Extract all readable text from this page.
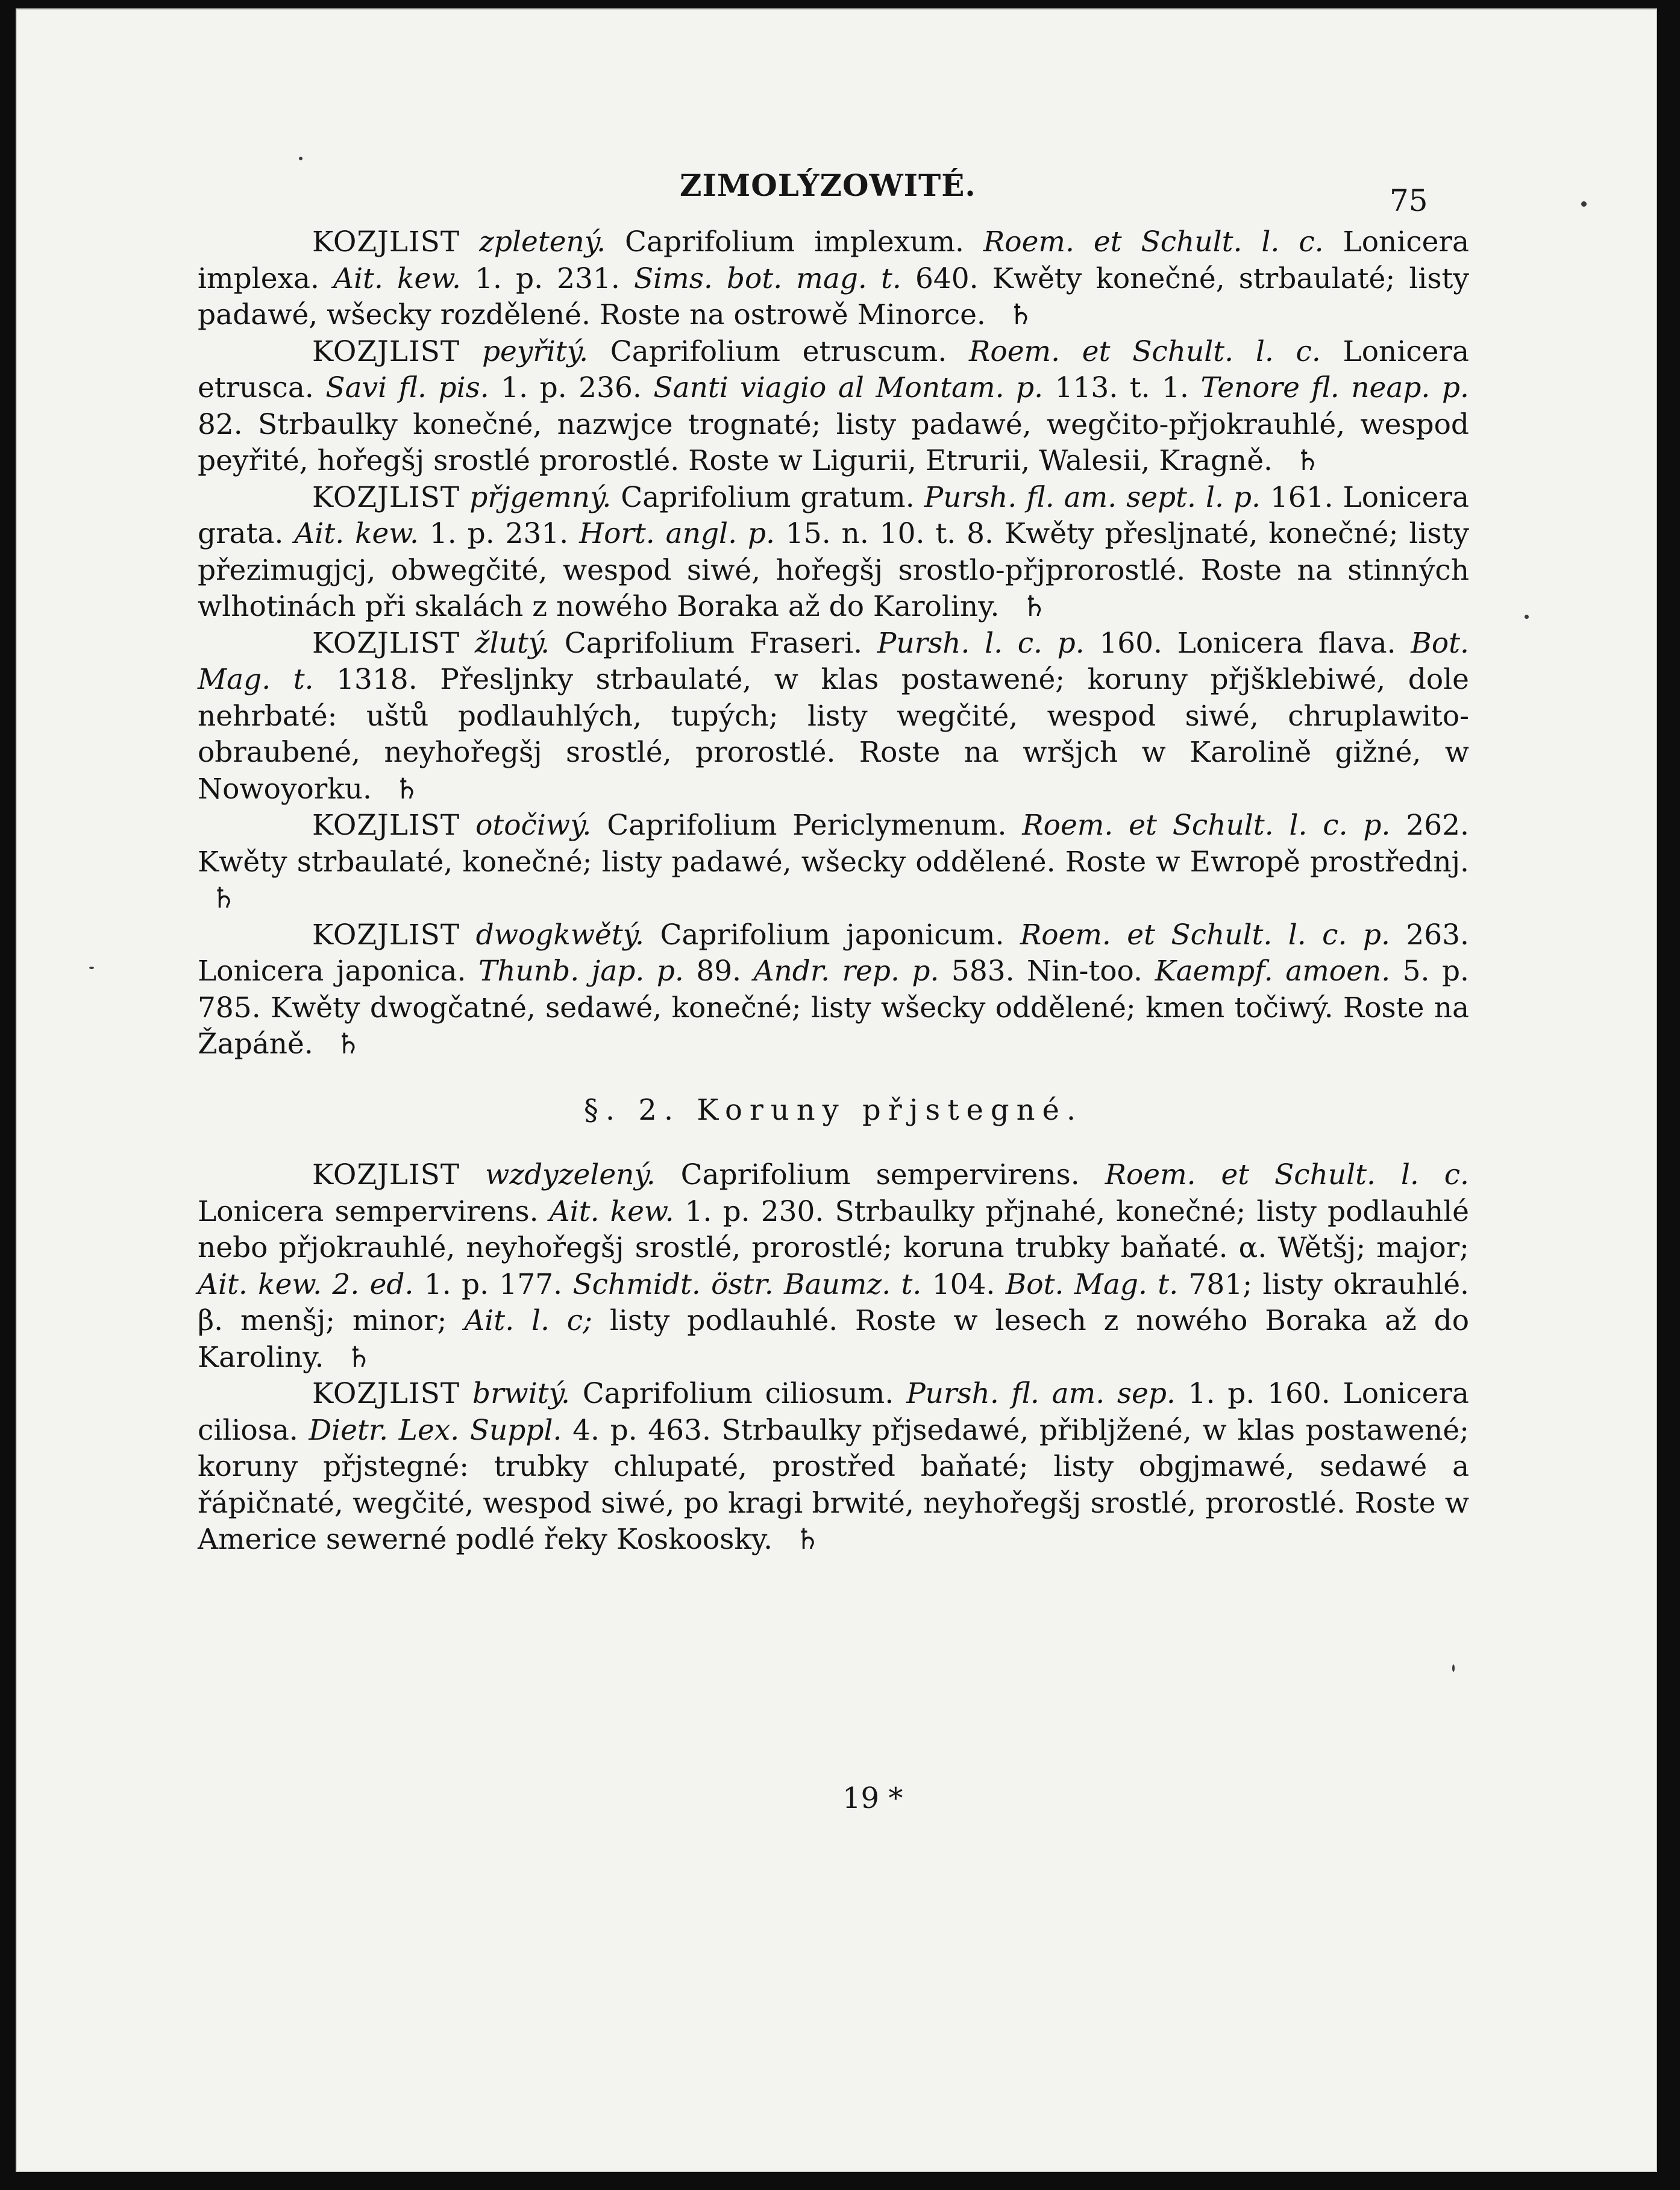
ZIMOLÝZOWITÉ.	75

KOZJLIST zpletený. Caprifolium implexum. Roem. et Schult. l. c. Lonicera implexa. Ait. kew. 1. p. 231. Sims. bot. mag. t. 640. Kwěty konečné, strbaulaté; listy padawé, wšecky rozdělené. Roste na ostrowě Minorce. ♄

KOZJLIST peyřitý. Caprifolium etruscum. Roem. et Schult. l. c. Lonicera etrusca. Savi fl. pis. 1. p. 236. Santi viagio al Montam. p. 113. t. 1. Tenore fl. neap. p. 82. Strbaulky konečné, nazwjce trognaté; listy padawé, wegčito-přjokrauhlé, wespod peyřité, hořegšj srostlé prorostlé. Roste w Ligurii, Etrurii, Walesii, Kragně. ♄

KOZJLIST přjgemný. Caprifolium gratum. Pursh. fl. am. sept. l. p. 161. Lonicera grata. Ait. kew. 1. p. 231. Hort. angl. p. 15. n. 10. t. 8. Kwěty přesljnaté, konečné; listy přezimugjcj, obwegčité, wespod siwé, hořegšj srostlo-přjprorostlé. Roste na stinných wlhotinách při skalách z nowého Boraka až do Karoliny. ♄

KOZJLIST žlutý. Caprifolium Fraseri. Pursh. l. c. p. 160. Lonicera flava. Bot. Mag. t. 1318. Přesljnky strbaulaté, w klas postawené; koruny přjšklebiwé, dole nehrbaté: uštů podlauhlých, tupých; listy wegčité, wespod siwé, chruplawito-obraubené, neyhořegšj srostlé, prorostlé. Roste na wršjch w Karolině gižné, w Nowoyorku. ♄

KOZJLIST otočiwý. Caprifolium Periclymenum. Roem. et Schult. l. c. p. 262. Kwěty strbaulaté, konečné; listy padawé, wšecky oddělené. Roste w Ewropě prostřednj. ♄

KOZJLIST dwogkwětý. Caprifolium japonicum. Roem. et Schult. l. c. p. 263. Lonicera japonica. Thunb. jap. p. 89. Andr. rep. p. 583. Nin-too. Kaempf. amoen. 5. p. 785. Kwěty dwogčatné, sedawé, konečné; listy wšecky oddělené; kmen točiwý. Roste na Žapáně. ♄

§. 2. Koruny přjstegné.

KOZJLIST wzdyzelený. Caprifolium sempervirens. Roem. et Schult. l. c. Lonicera sempervirens. Ait. kew. 1. p. 230. Strbaulky přjnahé, konečné; listy podlauhlé nebo přjokrauhlé, neyhořegšj srostlé, prorostlé; koruna trubky baňaté. α. Wětšj; major; Ait. kew. 2. ed. 1. p. 177. Schmidt. östr. Baumz. t. 104. Bot. Mag. t. 781; listy okrauhlé. β. menšj; minor; Ait. l. c; listy podlauhlé. Roste w lesech z nowého Boraka až do Karoliny. ♄

KOZJLIST brwitý. Caprifolium ciliosum. Pursh. fl. am. sep. 1. p. 160. Lonicera ciliosa. Dietr. Lex. Suppl. 4. p. 463. Strbaulky přjsedawé, přibljžené, w klas postawené; koruny přjstegné: trubky chlupaté, prostřed baňaté; listy obgjmawé, sedawé a řápičnaté, wegčité, wespod siwé, po kragi brwité, neyhořegšj srostlé, prorostlé. Roste w Americe sewerné podlé řeky Koskoosky. ♄

19 *
